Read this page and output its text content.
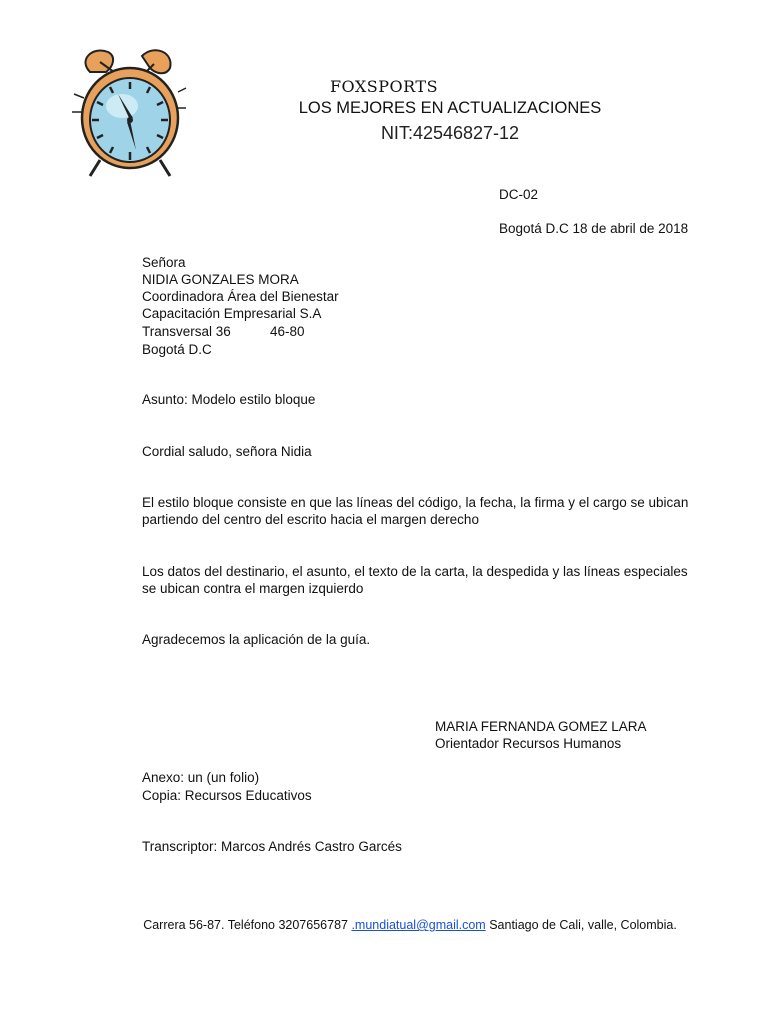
FOXSPORTS
LOS MEJORES EN ACTUALIZACIONES
NIT:42546827-12
DC-02
Bogotá D.C 18 de abril de 2018
Señora
NIDIA GONZALES MORA
Coordinadora Área del Bienestar
Capacitación Empresarial S.A
Transversal 36	46-80
Bogotá D.C
Asunto: Modelo estilo bloque
Cordial saludo, señora Nidia
El estilo bloque consiste en que las líneas del código, la fecha, la firma y el cargo se ubican
partiendo del centro del escrito hacia el margen derecho
Los datos del destinario, el asunto, el texto de la carta, la despedida y las líneas especiales
se ubican contra el margen izquierdo
Agradecemos la aplicación de la guía.
MARIA FERNANDA GOMEZ LARA
Orientador Recursos Humanos
Anexo: un (un folio)
Copia: Recursos Educativos
Transcriptor: Marcos Andrés Castro Garcés
Carrera 56-87. Teléfono 3207656787 .mundiatual@gmail.com Santiago de Cali, valle, Colombia.
